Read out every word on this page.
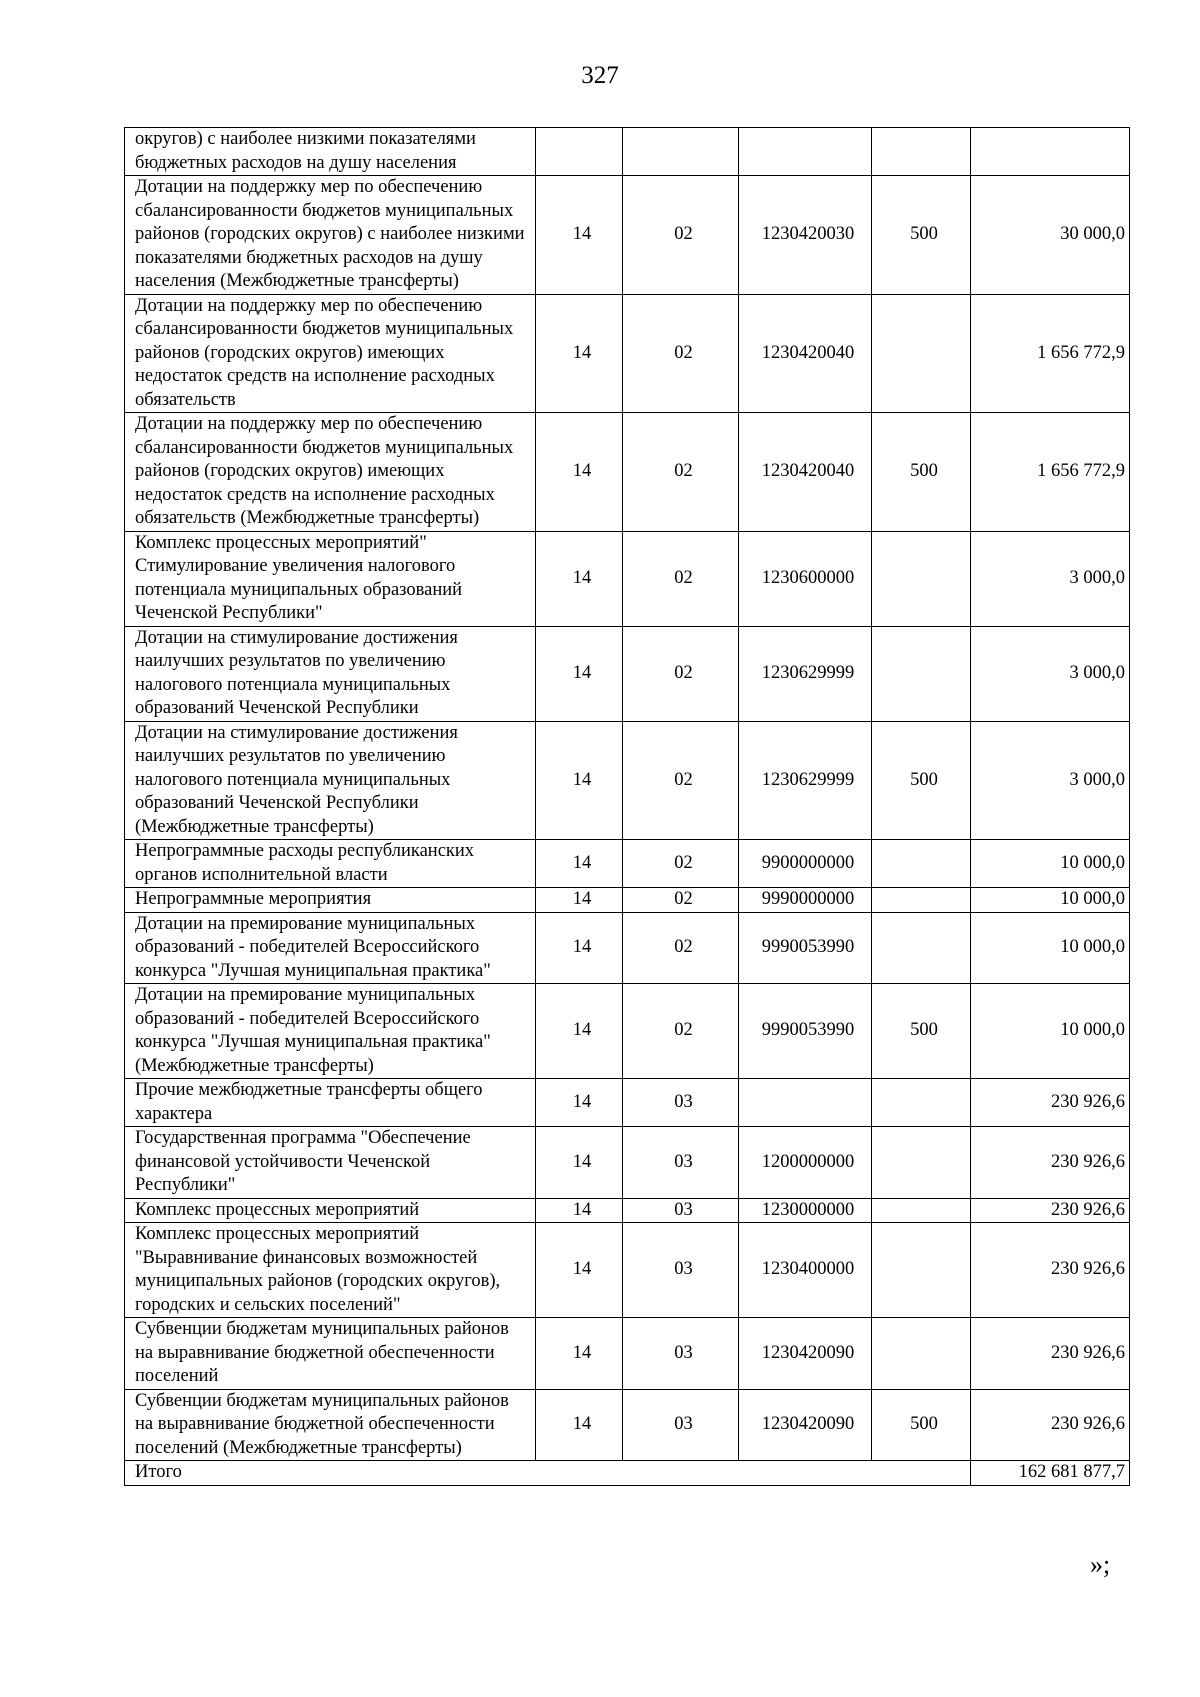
327
округов) с наиболее низкими показателями бюджетных расходов на душу населения					
Дотации на поддержку мер по обеспечению сбалансированности бюджетов муниципальных районов (городских округов) с наиболее низкими показателями бюджетных расходов на душу населения (Межбюджетные трансферты)	14	02	1230420030	500	30 000,0
Дотации на поддержку мер по обеспечению сбалансированности бюджетов муниципальных районов (городских округов) имеющих недостаток средств на исполнение расходных обязательств	14	02	1230420040		1 656 772,9
Дотации на поддержку мер по обеспечению сбалансированности бюджетов муниципальных районов (городских округов) имеющих недостаток средств на исполнение расходных обязательств (Межбюджетные трансферты)	14	02	1230420040	500	1 656 772,9
Комплекс процессных мероприятий" Стимулирование увеличения налогового потенциала муниципальных образований Чеченской Республики"	14	02	1230600000		3 000,0
Дотации на стимулирование достижения наилучших результатов по увеличению налогового потенциала муниципальных образований Чеченской Республики	14	02	1230629999		3 000,0
Дотации на стимулирование достижения наилучших результатов по увеличению налогового потенциала муниципальных образований Чеченской Республики (Межбюджетные трансферты)	14	02	1230629999	500	3 000,0
Непрограммные расходы республиканских органов исполнительной власти	14	02	9900000000		10 000,0
Непрограммные мероприятия	14	02	9990000000		10 000,0
Дотации на премирование муниципальных образований - победителей Всероссийского конкурса "Лучшая муниципальная практика"	14	02	9990053990		10 000,0
Дотации на премирование муниципальных образований - победителей Всероссийского конкурса "Лучшая муниципальная практика" (Межбюджетные трансферты)	14	02	9990053990	500	10 000,0
Прочие межбюджетные трансферты общего характера	14	03			230 926,6
Государственная программа "Обеспечение финансовой устойчивости Чеченской Республики"	14	03	1200000000		230 926,6
Комплекс процессных мероприятий	14	03	1230000000		230 926,6
Комплекс процессных мероприятий "Выравнивание финансовых возможностей муниципальных районов (городских округов), городских и сельских поселений"	14	03	1230400000		230 926,6
Субвенции бюджетам муниципальных районов на выравнивание бюджетной обеспеченности поселений	14	03	1230420090		230 926,6
Субвенции бюджетам муниципальных районов на выравнивание бюджетной обеспеченности поселений (Межбюджетные трансферты)	14	03	1230420090	500	230 926,6
Итого					162 681 877,7
»;
